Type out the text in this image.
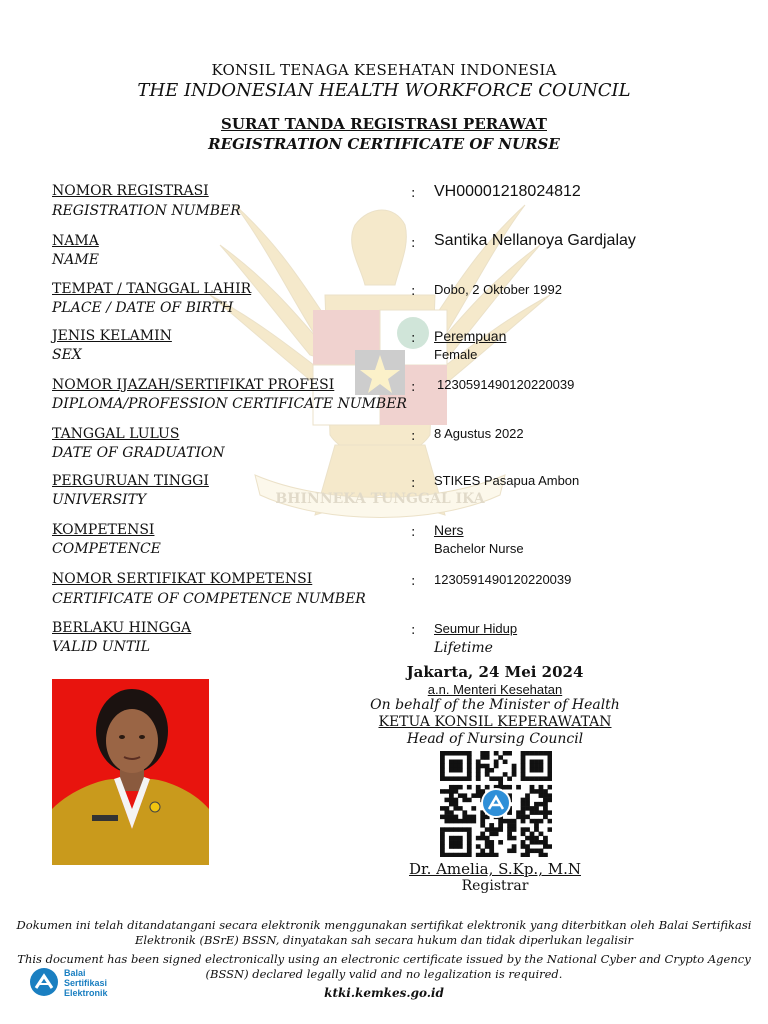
BHINNEKA TUNGGAL IKA
KONSIL TENAGA KESEHATAN INDONESIA
THE INDONESIAN HEALTH WORKFORCE COUNCIL
SURAT TANDA REGISTRASI PERAWAT
REGISTRATION CERTIFICATE OF NURSE
NOMOR REGISTRASI
REGISTRATION NUMBER
: VH00001218024812
NAMA
NAME
: Santika Nellanoya Gardjalay
TEMPAT / TANGGAL LAHIR
PLACE / DATE OF BIRTH
: Dobo, 2 Oktober 1992
JENIS KELAMIN
SEX
: Perempuan
Female
NOMOR IJAZAH/SERTIFIKAT PROFESI
DIPLOMA/PROFESSION CERTIFICATE NUMBER
: 1230591490120220039
TANGGAL LULUS
DATE OF GRADUATION
: 8 Agustus 2022
PERGURUAN TINGGI
UNIVERSITY
: STIKES Pasapua Ambon
KOMPETENSI
COMPETENCE
: Ners
Bachelor Nurse
NOMOR SERTIFIKAT KOMPETENSI
CERTIFICATE OF COMPETENCE NUMBER
: 1230591490120220039
BERLAKU HINGGA
VALID UNTIL
: Seumur Hidup
Lifetime
Jakarta, 24 Mei 2024
a.n. Menteri Kesehatan
On behalf of the Minister of Health
KETUA KONSIL KEPERAWATAN
Head of Nursing Council
Dr. Amelia, S.Kp., M.N
Registrar
Dokumen ini telah ditandatangani secara elektronik menggunakan sertifikat elektronik yang diterbitkan oleh Balai Sertifikasi Elektronik (BSrE) BSSN, dinyatakan sah secara hukum dan tidak diperlukan legalisir
This document has been signed electronically using an electronic certificate issued by the National Cyber and Crypto Agency (BSSN) declared legally valid and no legalization is required.
ktki.kemkes.go.id
Balai Sertifikasi Elektronik
